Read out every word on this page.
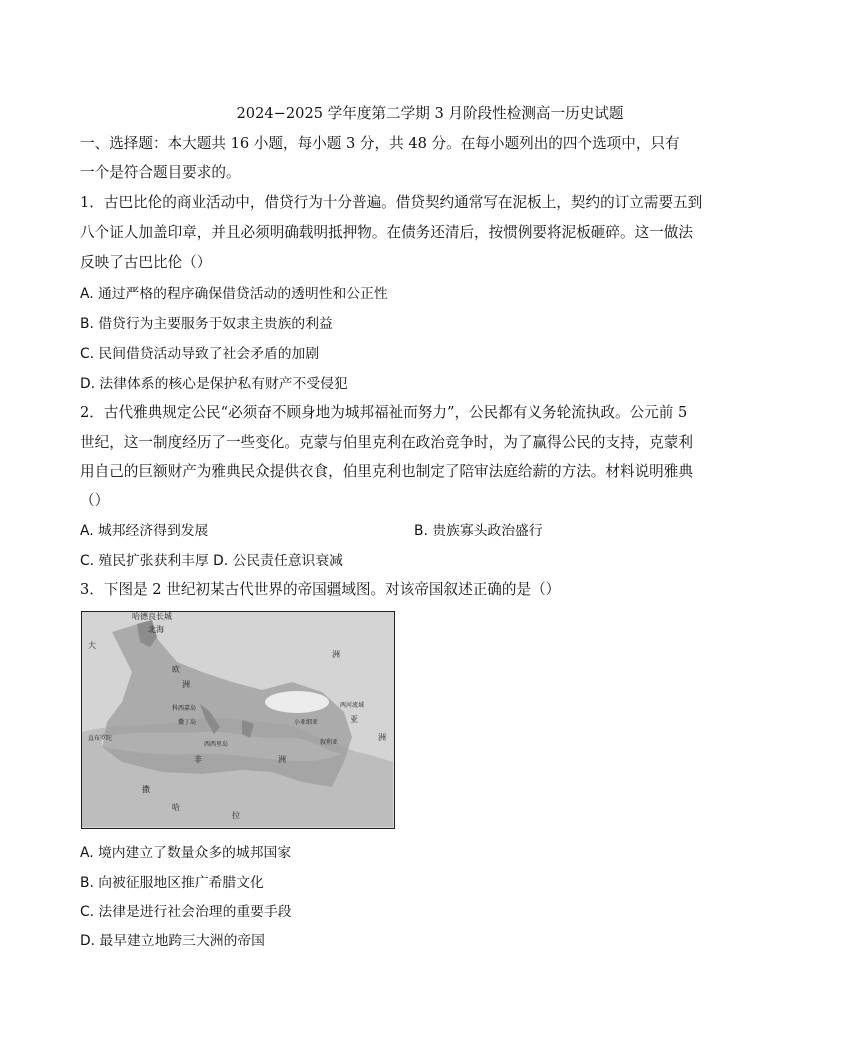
2024−2025 学年度第二学期 3 月阶段性检测高一历史试题
一、选择题：本大题共 16 小题，每小题 3 分，共 48 分。在每小题列出的四个选项中，只有
一个是符合题目要求的。
1．古巴比伦的商业活动中，借贷行为十分普遍。借贷契约通常写在泥板上，契约的订立需要五到
八个证人加盖印章，并且必须明确载明抵押物。在债务还清后，按惯例要将泥板砸碎。这一做法
反映了古巴比伦（）
A. 通过严格的程序确保借贷活动的透明性和公正性
B. 借贷行为主要服务于奴隶主贵族的利益
C. 民间借贷活动导致了社会矛盾的加剧
D. 法律体系的核心是保护私有财产不受侵犯
2．古代雅典规定公民“必须奋不顾身地为城邦福祉而努力”，公民都有义务轮流执政。公元前 5
世纪，这一制度经历了一些变化。克蒙与伯里克利在政治竞争时，为了赢得公民的支持，克蒙利
用自己的巨额财产为雅典民众提供衣食，伯里克利也制定了陪审法庭给薪的方法。材料说明雅典
（）
A. 城邦经济得到发展	B. 贵族寡头政治盛行
C. 殖民扩张获利丰厚 D. 公民责任意识衰减
3．下图是 2 世纪初某古代世界的帝国疆域图。对该帝国叙述正确的是（）
哈德良长城
北海
大
欧
洲
洲
亚
洲
非	洲
科西嘉岛
撒丁岛
西西里岛
直布罗陀
小亚细亚
叙利亚
两河流域
撒
哈
拉
A. 境内建立了数量众多的城邦国家
B. 向被征服地区推广希腊文化
C. 法律是进行社会治理的重要手段
D. 最早建立地跨三大洲的帝国
